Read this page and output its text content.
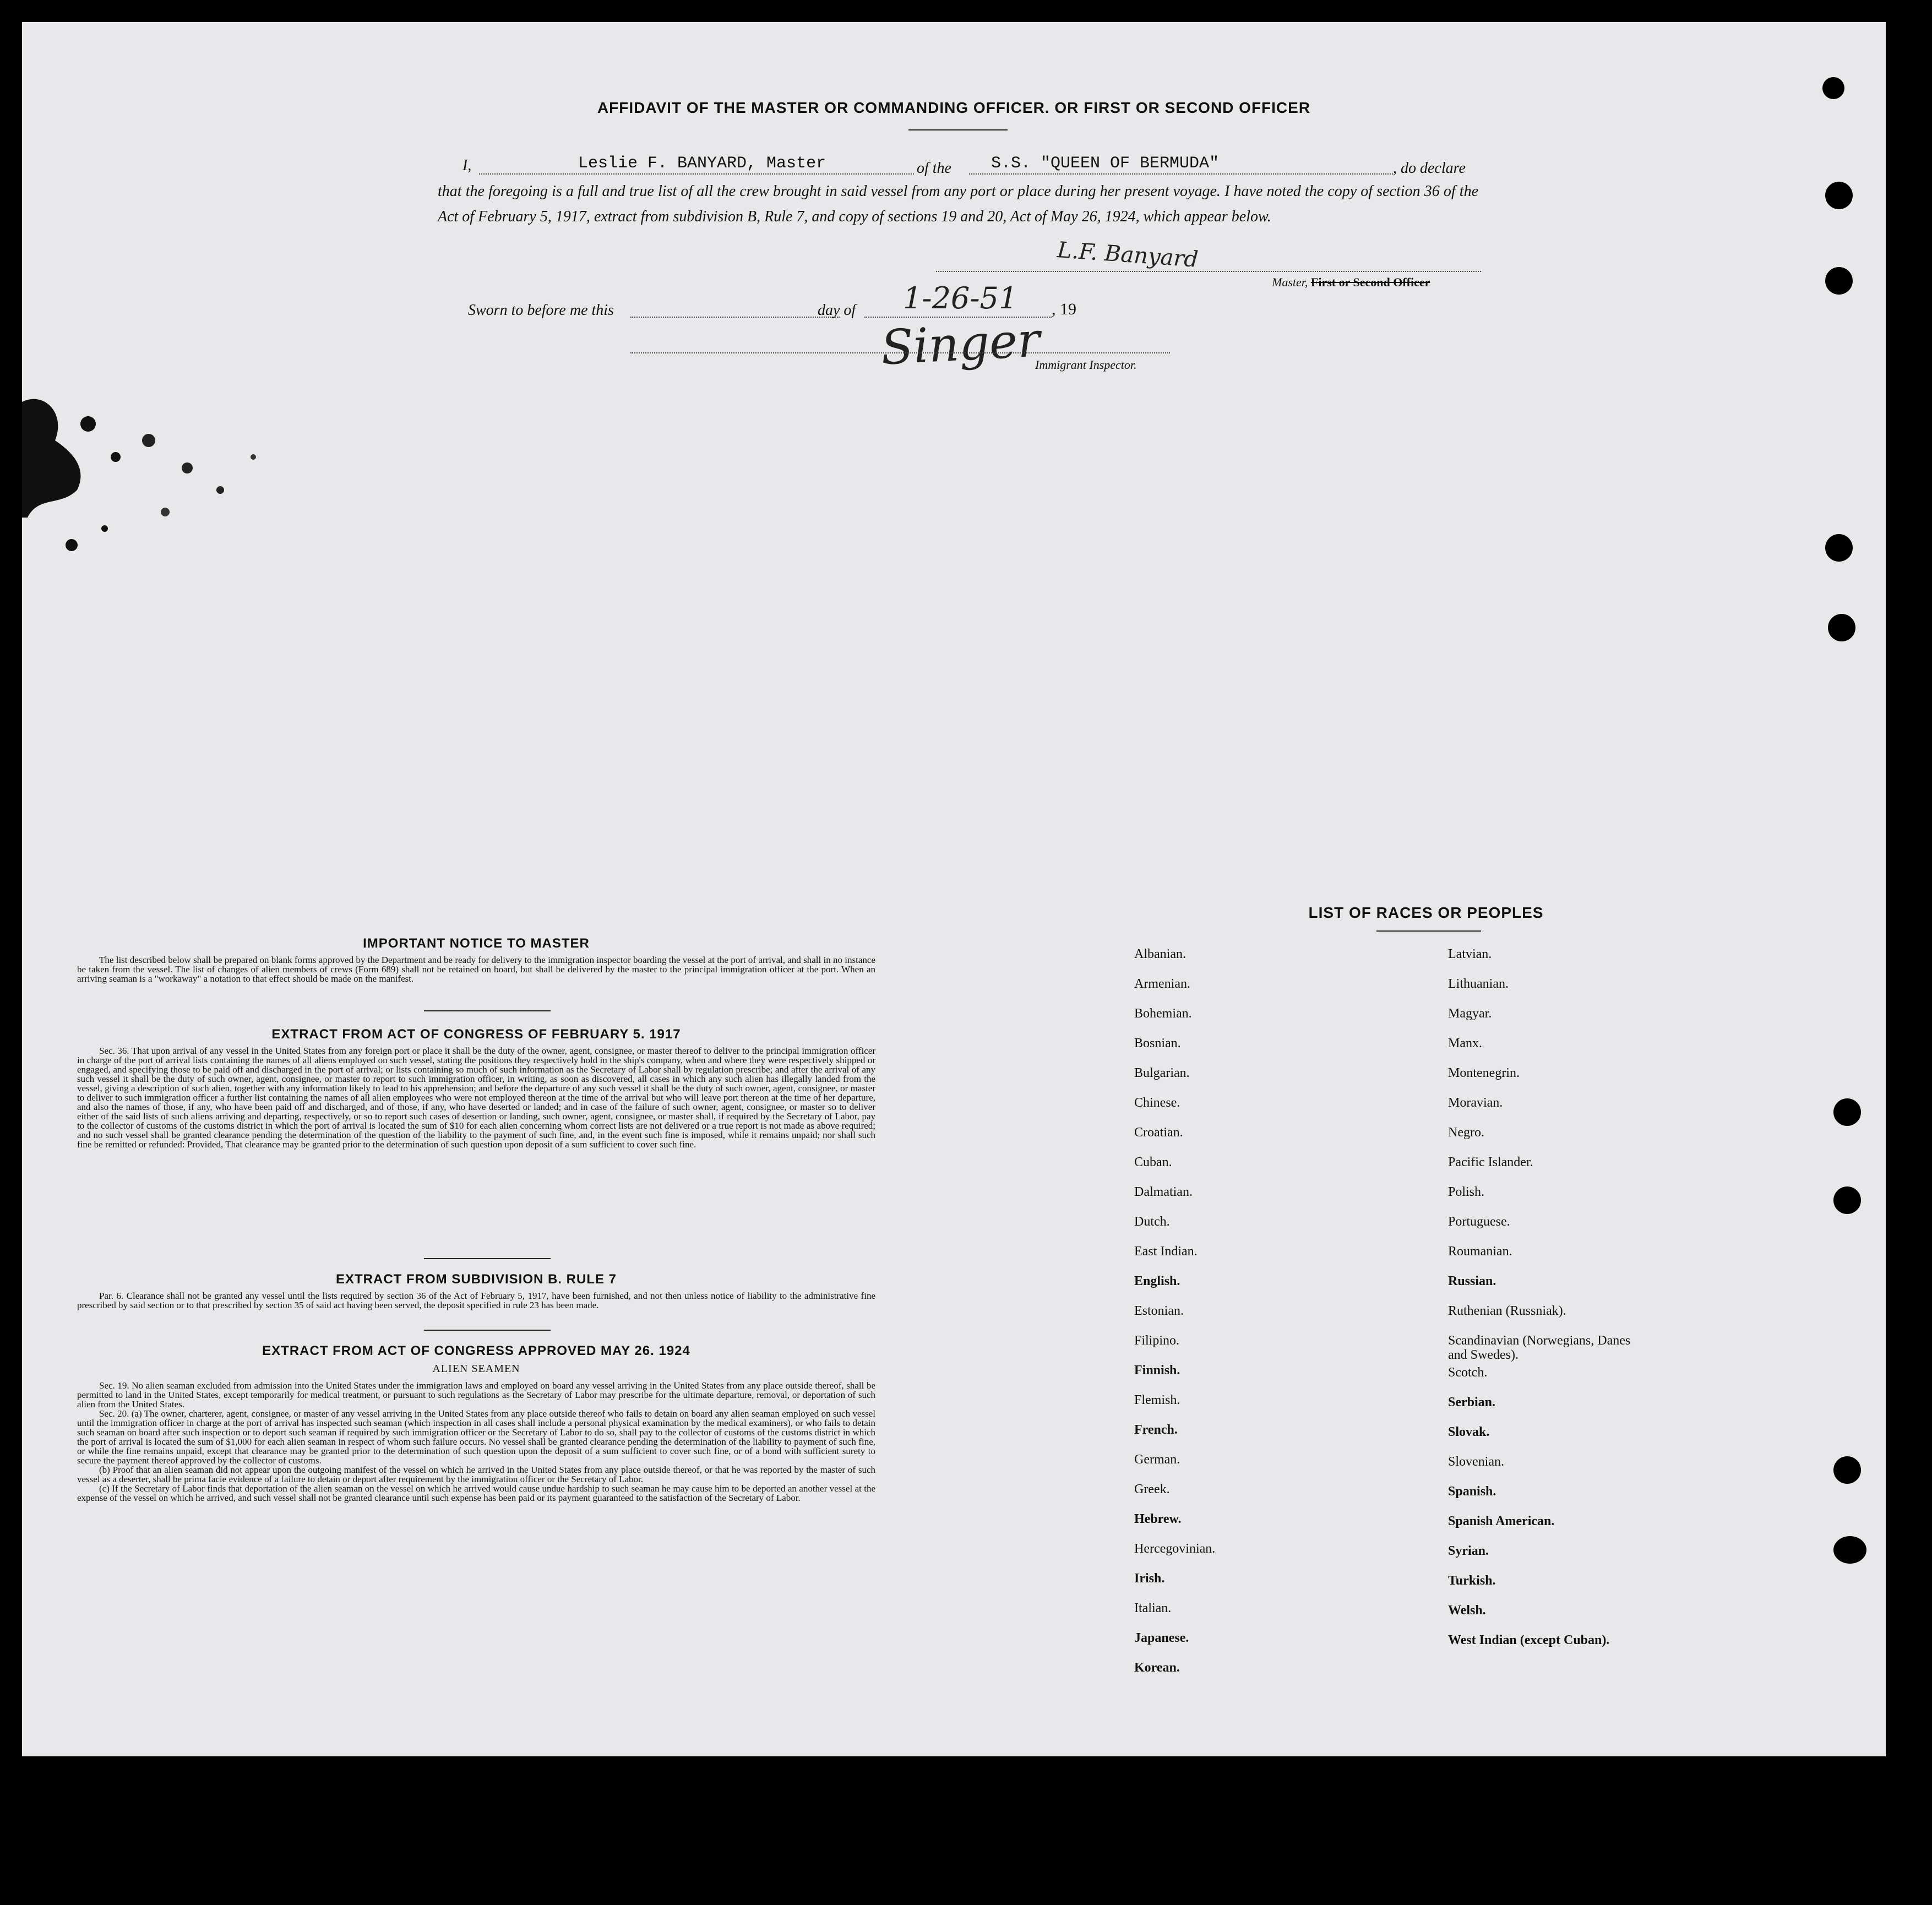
AFFIDAVIT OF THE MASTER OR COMMANDING OFFICER. OR FIRST OR SECOND OFFICER
I,	Leslie F. BANYARD, Master	of the S.S. "QUEEN OF BERMUDA"	, do declare
that the foregoing is a full and true list of all the crew brought in said vessel from any port or place during her present voyage. I have noted the copy of section 36 of the Act of February 5, 1917, extract from subdivision B, Rule 7, and copy of sections 19 and 20, Act of May 26, 1924, which appear below.
L.F. Banyard
Master, First or Second Officer
Sworn to before me this	day of 1-26-51 , 19
Singer
Immigrant Inspector.
IMPORTANT NOTICE TO MASTER

The list described below shall be prepared on blank forms approved by the Department and be ready for delivery to the immigration inspector boarding the vessel at the port of arrival, and shall in no instance be taken from the vessel. The list of changes of alien members of crews (Form 689) shall not be retained on board, but shall be delivered by the master to the principal immigration officer at the port. When an arriving seaman is a "workaway" a notation to that effect should be made on the manifest.

EXTRACT FROM ACT OF CONGRESS OF FEBRUARY 5. 1917

Sec. 36. That upon arrival of any vessel in the United States from any foreign port or place it shall be the duty of the owner, agent, consignee, or master thereof to deliver to the principal immigration officer in charge of the port of arrival lists containing the names of all aliens employed on such vessel, stating the positions they respectively hold in the ship's company, when and where they were respectively shipped or engaged, and specifying those to be paid off and discharged in the port of arrival; or lists containing so much of such information as the Secretary of Labor shall by regulation prescribe; and after the arrival of any such vessel it shall be the duty of such owner, agent, consignee, or master to report to such immigration officer, in writing, as soon as discovered, all cases in which any such alien has illegally landed from the vessel, giving a description of such alien, together with any information likely to lead to his apprehension; and before the departure of any such vessel it shall be the duty of such owner, agent, consignee, or master to deliver to such immigration officer a further list containing the names of all alien employees who were not employed thereon at the time of the arrival but who will leave port thereon at the time of her departure, and also the names of those, if any, who have been paid off and discharged, and of those, if any, who have deserted or landed; and in case of the failure of such owner, agent, consignee, or master so to deliver either of the said lists of such aliens arriving and departing, respectively, or so to report such cases of desertion or landing, such owner, agent, consignee, or master shall, if required by the Secretary of Labor, pay to the collector of customs of the customs district in which the port of arrival is located the sum of $10 for each alien concerning whom correct lists are not delivered or a true report is not made as above required; and no such vessel shall be granted clearance pending the determination of the question of the liability to the payment of such fine, and, in the event such fine is imposed, while it remains unpaid; nor shall such fine be remitted or refunded: Provided, That clearance may be granted prior to the determination of such question upon deposit of a sum sufficient to cover such fine.

EXTRACT FROM SUBDIVISION B. RULE 7

Par. 6. Clearance shall not be granted any vessel until the lists required by section 36 of the Act of February 5, 1917, have been furnished, and not then unless notice of liability to the administrative fine prescribed by said section or to that prescribed by section 35 of said act having been served, the deposit specified in rule 23 has been made.

EXTRACT FROM ACT OF CONGRESS APPROVED MAY 26. 1924
ALIEN SEAMEN

Sec. 19. No alien seaman excluded from admission into the United States under the immigration laws and employed on board any vessel arriving in the United States from any place outside thereof, shall be permitted to land in the United States, except temporarily for medical treatment, or pursuant to such regulations as the Secretary of Labor may prescribe for the ultimate departure, removal, or deportation of such alien from the United States.

Sec. 20. (a) The owner, charterer, agent, consignee, or master of any vessel arriving in the United States from any place outside thereof who fails to detain on board any alien seaman employed on such vessel until the immigration officer in charge at the port of arrival has inspected such seaman (which inspection in all cases shall include a personal physical examination by the medical examiners), or who fails to detain such seaman on board after such inspection or to deport such seaman if required by such immigration officer or the Secretary of Labor to do so, shall pay to the collector of customs of the customs district in which the port of arrival is located the sum of $1,000 for each alien seaman in respect of whom such failure occurs. No vessel shall be granted clearance pending the determination of the liability to payment of such fine, or while the fine remains unpaid, except that clearance may be granted prior to the determination of such question upon the deposit of a sum sufficient to cover such fine, or of a bond with sufficient surety to secure the payment thereof approved by the collector of customs.

(b) Proof that an alien seaman did not appear upon the outgoing manifest of the vessel on which he arrived in the United States from any place outside thereof, or that he was reported by the master of such vessel as a deserter, shall be prima facie evidence of a failure to detain or deport after requirement by the immigration officer or the Secretary of Labor.

(c) If the Secretary of Labor finds that deportation of the alien seaman on the vessel on which he arrived would cause undue hardship to such seaman he may cause him to be deported an another vessel at the expense of the vessel on which he arrived, and such vessel shall not be granted clearance until such expense has been paid or its payment guaranteed to the satisfaction of the Secretary of Labor.

LIST OF RACES OR PEOPLES
Albanian.
Armenian.
Bohemian.
Bosnian.
Bulgarian.
Chinese.
Croatian.
Cuban.
Dalmatian.
Dutch.
East Indian.
English.
Estonian.
Filipino.
Finnish.
Flemish.
French.
German.
Greek.
Hebrew.
Hercegovinian.
Irish.
Italian.
Japanese.
Korean.
Latvian.
Lithuanian.
Magyar.
Manx.
Montenegrin.
Moravian.
Negro.
Pacific Islander.
Polish.
Portuguese.
Roumanian.
Russian.
Ruthenian (Russniak).
Scandinavian (Norwegians, Danes and Swedes).
Scotch.
Serbian.
Slovak.
Slovenian.
Spanish.
Spanish American.
Syrian.
Turkish.
Welsh.
West Indian (except Cuban).
